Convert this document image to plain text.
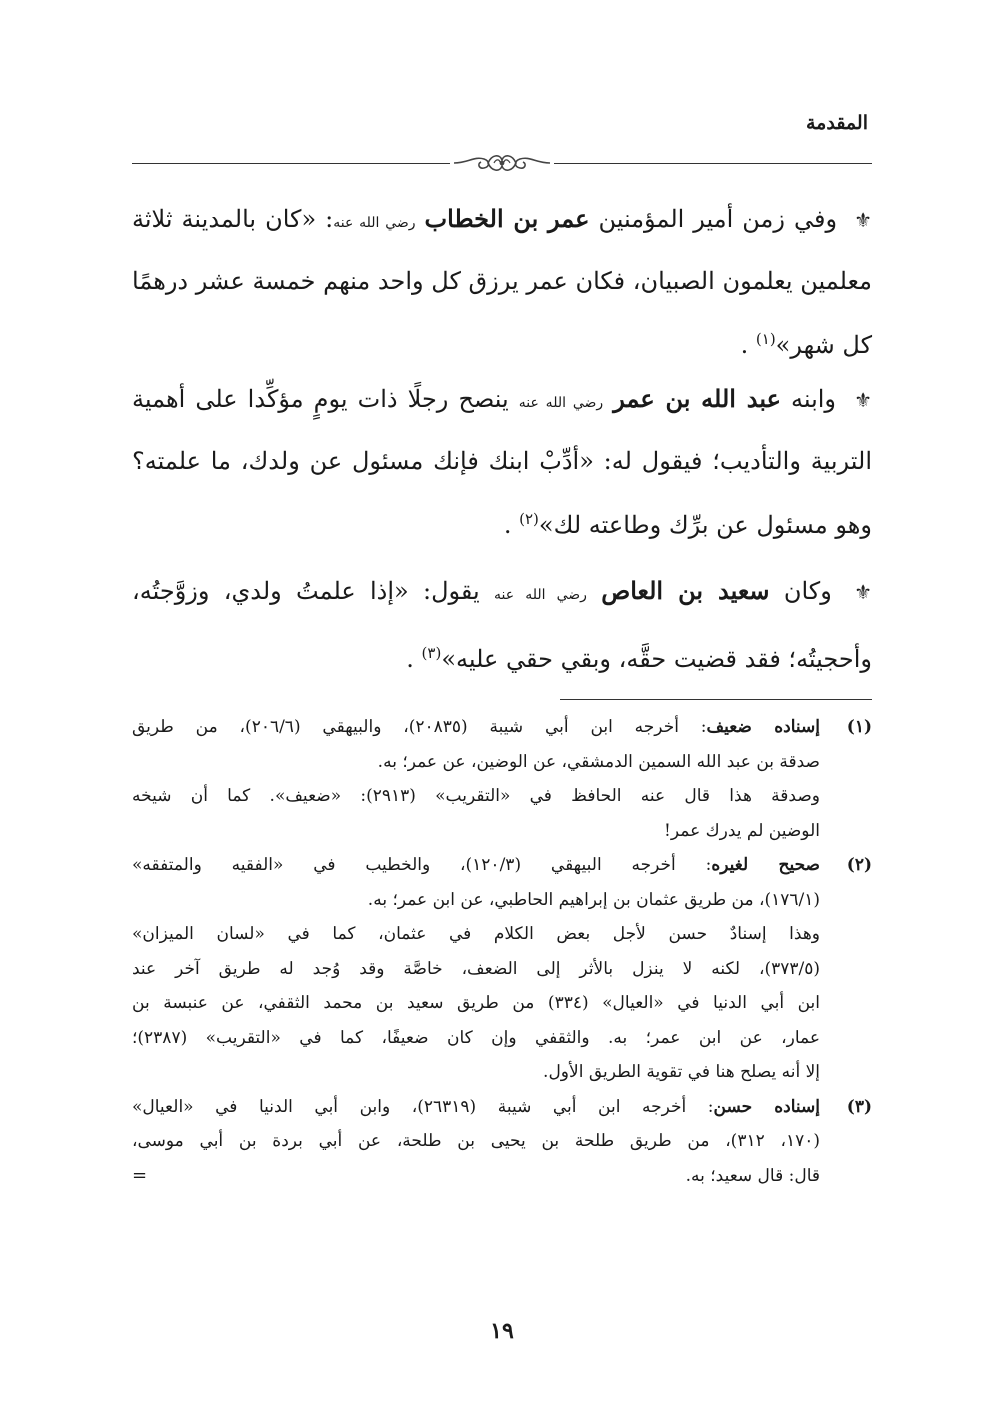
المقدمة

⚜ وفي زمن أمير المؤمنين عمر بن الخطاب رضي الله عنه: «كان بالمدينة ثلاثة معلمين يعلمون الصبيان، فكان عمر يرزق كل واحد منهم خمسة عشر درهمًا كل شهر»$^{(١)}$ .

⚜ وابنه عبد الله بن عمر رضي الله عنه ينصح رجلًا ذات يومٍ مؤكِّدا على أهمية التربية والتأديب؛ فيقول له: «أدِّبْ ابنك فإنك مسئول عن ولدك، ما علمته؟ وهو مسئول عن برِّك وطاعته لك»$^{(٢)}$ .

⚜ وكان سعيد بن العاص رضي الله عنه يقول: «إذا علمتُ ولدي، وزوَّجتُه، وأحجيتُه؛ فقد قضيت حقَّه، وبقي حقي عليه»$^{(٣)}$ .

(١)
إسناده ضعيف: أخرجه ابن أبي شيبة (٢٠٨٣٥)، والبيهقي (٢٠٦/٦)، من طريق
صدقة بن عبد الله السمين الدمشقي، عن الوضين، عن عمر؛ به.
وصدقة هذا قال عنه الحافظ في «التقريب» (٢٩١٣): «ضعيف». كما أن شيخه
الوضين لم يدرك عمر!
(٢)
صحيح لغيره: أخرجه البيهقي (١٢٠/٣)، والخطيب في «الفقيه والمتفقه»
(١٧٦/١)، من طريق عثمان بن إبراهيم الحاطبي، عن ابن عمر؛ به.
وهذا إسنادٌ حسن لأجل بعض الكلام في عثمان، كما في «لسان الميزان»
(٣٧٣/٥)، لكنه لا ينزل بالأثر إلى الضعف، خاصَّة وقد وُجد له طريق آخر عند
ابن أبي الدنيا في «العيال» (٣٣٤) من طريق سعيد بن محمد الثقفي، عن عنبسة بن
عمار، عن ابن عمر؛ به. والثقفي وإن كان ضعيفًا، كما في «التقريب» (٢٣٨٧)؛
إلا أنه يصلح هنا في تقوية الطريق الأول.
(٣)
إسناده حسن: أخرجه ابن أبي شيبة (٢٦٣١٩)، وابن أبي الدنيا في «العيال»
(١٧٠، ٣١٢)، من طريق طلحة بن يحيى بن طلحة، عن أبي بردة بن أبي موسى،
قال: قال سعيد؛ به.
=
١٩
